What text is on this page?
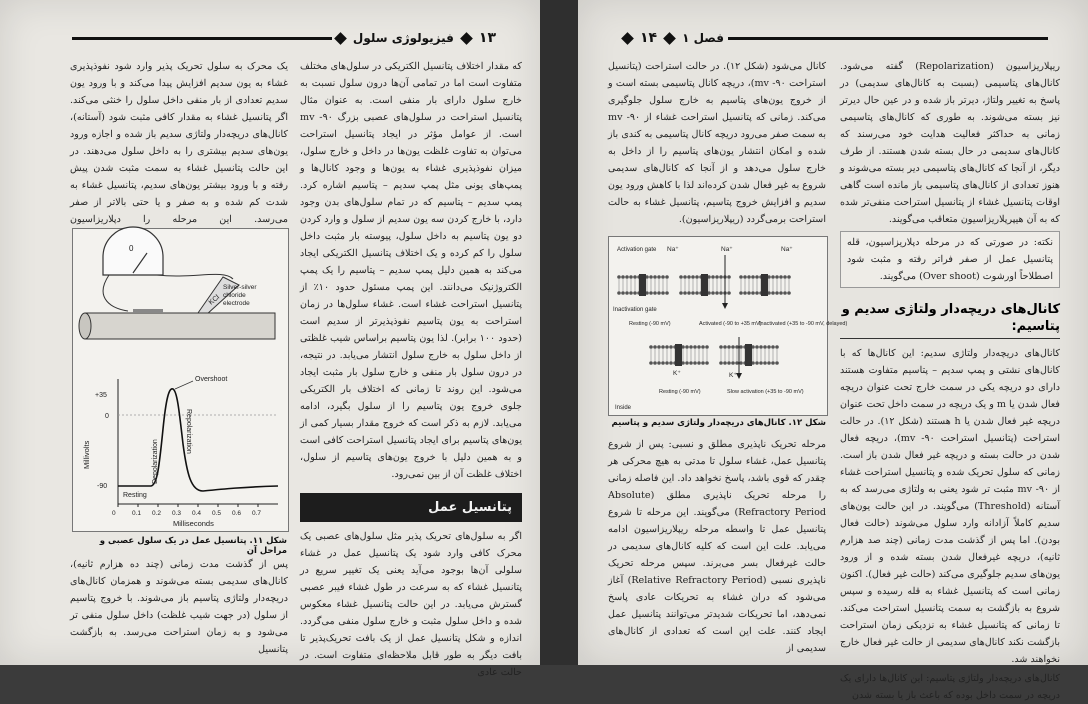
۱۳
فیزیولوژی سلول

که مقدار اختلاف پتانسیل الکتریکی در سلول‌های مختلف متفاوت است اما در تمامی آن‌ها درون سلول نسبت به خارج سلول دارای بار منفی است. به عنوان مثال پتانسیل استراحت در سلول‌های عصبی بزرگ ۹۰- mv است. از عوامل مؤثر در ایجاد پتانسیل استراحت می‌توان به تفاوت غلظت یون‌ها در داخل و خارج سلول، میزان نفوذپذیری غشاء به یون‌ها و وجود کانال‌ها و پمپ‌های یونی مثل پمپ سدیم – پتاسیم اشاره کرد. پمپ سدیم – پتاسیم که در تمام سلول‌های بدن وجود دارد، با خارج کردن سه یون سدیم از سلول و وارد کردن دو یون پتاسیم به داخل سلول، پیوسته بار مثبت داخل سلول را کم کرده و یک اختلاف پتانسیل الکتریکی ایجاد می‌کند به همین دلیل پمپ سدیم – پتاسیم را یک پمپ الکتروژنیک می‌دانند. این پمپ مسئول حدود ۱۰٪ از پتانسیل استراحت غشاء است. غشاء سلول‌ها در زمان استراحت به یون پتاسیم نفوذپذیرتر از سدیم است (حدود ۱۰۰ برابر). لذا یون پتاسیم براساس شیب غلظتی از داخل سلول به خارج سلول انتشار می‌یابد. در نتیجه، در درون سلول بار منفی و خارج سلول بار مثبت ایجاد می‌شود. این روند تا زمانی که اختلاف بار الکتریکی جلوی خروج یون پتاسیم را از سلول بگیرد، ادامه می‌یابد. لازم به ذکر است که خروج مقدار بسیار کمی از یون‌های پتاسیم برای ایجاد پتانسیل استراحت کافی است و به همین دلیل با خروج یون‌های پتاسیم از سلول، اختلاف غلظت آن از بین نمی‌رود.

پتانسیل عمل

اگر به سلول‌های تحریک پذیر مثل سلول‌های عصبی یک محرک کافی وارد شود یک پتانسیل عمل در غشاء سلولی آن‌ها بوجود می‌آید یعنی یک تغییر سریع در پتانسیل غشاء که به سرعت در طول غشاء فیبر عصبی گسترش می‌یابد. در این حالت پتانسیل غشاء معکوس شده و داخل سلول مثبت و خارج سلول منفی می‌گردد. اندازه و شکل پتانسیل عمل از یک بافت تحریک‌پذیر تا بافت دیگر به طور قابل ملاحظه‌ای متفاوت است. در حالت عادی

یک محرک به سلول تحریک پذیر وارد شود نفوذپذیری غشاء به یون سدیم افزایش پیدا می‌کند و با ورود یون سدیم تعدادی از بار منفی داخل سلول را خنثی می‌کند. اگر پتانسیل غشاء به مقدار کافی مثبت شود (آستانه)، کانال‌های دریچه‌دار ولتاژی سدیم باز شده و اجازه ورود یون‌های سدیم بیشتری را به داخل سلول می‌دهند. در این حالت پتانسیل غشاء به سمت مثبت شدن پیش رفته و با ورود بیشتر یون‌های سدیم، پتانسیل غشاء به شدت کم شده و به صفر و یا حتی بالاتر از صفر می‌رسد. این مرحله را دپلاریزاسیون

0
KCl
Silver-silver chloride electrode
+35
0
-90
Millivolts
Overshoot
Depolarization
Repolarization
Resting
0	0.1 0.2 0.3 0.4 0.5 0.6 0.7
Milliseconds
شکل ۱۱. پتانسیل عمل در یک سلول عصبی و مراحل آن

پس از گذشت مدت زمانی (چند ده هزارم ثانیه)، کانال‌های سدیمی بسته می‌شوند و همزمان کانال‌های دریچه‌دار ولتاژی پتاسیم باز می‌شوند. با خروج پتاسیم از سلول (در جهت شیب غلظت) داخل سلول منفی تر می‌شود و به زمان استراحت می‌رسد. به بازگشت پتانسیل

فصل ۱
۱۴

ریپلاریزاسیون (Repolarization) گفته می‌شود. کانال‌های پتاسیمی (بسبت به کانال‌های سدیمی) در پاسخ به تغییر ولتاژ، دیرتر باز شده و در عین حال دیرتر نیز بسته می‌شوند. به طوری که کانال‌های پتاسیمی زمانی به حداکثر فعالیت هدایت خود می‌رسند که کانال‌های سدیمی در حال بسته شدن هستند. از طرف دیگر، از آنجا که کانال‌های پتاسیمی دیر بسته می‌شوند و هنوز تعدادی از کانال‌های پتاسیمی باز مانده است گاهی اوقات پتانسیل غشاء از پتانسیل استراحت منفی‌تر شده که به آن هیپرپلاریزاسیون متعاقب می‌گویند.

نکته: در صورتی که در مرحله دپلاریزاسیون، قله پتانسیل عمل از صفر فراتر رفته و مثبت شود اصطلاحاً اورشوت (Over shoot) می‌گویند.
کانال‌های دریچه‌دار ولتاژی سدیم و پتاسیم:

کانال‌های دریچه‌دار ولتاژی سدیم: این کانال‌ها که با کانال‌های نشتی و پمپ سدیم – پتاسیم متفاوت هستند دارای دو دریچه یکی در سمت خارج تحت عنوان دریچه فعال شدن یا m و یک دریچه در سمت داخل تحت عنوان دریچه غیر فعال شدن یا h هستند (شکل ۱۲). در حالت استراحت (پتانسیل استراحت ۹۰- mv)، دریچه فعال شدن در حالت بسته و دریچه غیر فعال شدن باز است. زمانی که سلول تحریک شده و پتانسیل استراحت غشاء از ۹۰- mv مثبت تر شود یعنی به ولتاژی می‌رسد که به آستانه (Threshold) می‌گویند. در این حالت یون‌های سدیم کاملاً آزادانه وارد سلول می‌شوند (حالت فعال بودن). اما پس از گذشت مدت زمانی (چند صد هزارم ثانیه)، دریچه غیرفعال شدن بسته شده و از ورود یون‌های سدیم جلوگیری می‌کند (حالت غیر فعال). اکنون زمانی است که پتانسیل غشاء به قله رسیده و سپس شروع به بازگشت به سمت پتانسیل استراحت می‌کند. تا زمانی که پتانسیل غشاء به نزدیکی زمان استراحت بازگشت نکند کانال‌های سدیمی از حالت غیر فعال خارج نخواهند شد.

کانال‌های دریچه‌دار ولتاژی پتاسیم: این کانال‌ها دارای یک دریچه در سمت داخل بوده که باعث باز یا بسته شدن

کانال می‌شود (شکل ۱۲). در حالت استراحت (پتانسیل استراحت ۹۰- mv)، دریچه کانال پتاسیمی بسته است و از خروج یون‌های پتاسیم به خارج سلول جلوگیری می‌کند. زمانی که پتانسیل استراحت غشاء از ۹۰- mv به سمت صفر می‌رود دریچه کانال پتاسیمی به کندی باز شده و امکان انتشار یون‌های پتاسیم را از داخل به خارج سلول می‌دهد و از آنجا که کانال‌های سدیمی شروع به غیر فعال شدن کرده‌اند لذا با کاهش ورود یون سدیم و افزایش خروج پتاسیم، پتانسیل غشاء به حالت استراحت برمی‌گردد (ریپلاریزاسیون).

Activation gate Na⁺	Na⁺	Na⁺
Inactivation gate
Resting (-90 mV)	Activated (-90 to +35 mV)
Inactivated (+35 to -90 mV, delayed)
K⁺	K⁺
Resting (-90 mV)	Slow activation (+35 to -90 mV)
Inside
شکل ۱۲. کانال‌های دریچه‌دار ولتاژی سدیم و پتاسیم

مرحله تحریک ناپذیری مطلق و نسبی: پس از شروع پتانسیل عمل، غشاء سلول تا مدتی به هیچ محرکی هر چقدر که قوی باشد، پاسخ نخواهد داد. این فاصله زمانی را مرحله تحریک ناپذیری مطلق (Absolute Refractory Period) می‌گویند. این مرحله تا شروع پتانسیل عمل تا واسطه مرحله ریپلاریزاسیون ادامه می‌یابد. علت این است که کلیه کانال‌های سدیمی در حالت غیرفعال بسر می‌برند. سپس مرحله تحریک ناپذیری نسبی (Relative Refractory Period) آغاز می‌شود که دران غشاء به تحریکات عادی پاسخ نمی‌دهد، اما تحریکات شدیدتر می‌توانند پتانسیل عمل ایجاد کنند. علت این است که تعدادی از کانال‌های سدیمی از
